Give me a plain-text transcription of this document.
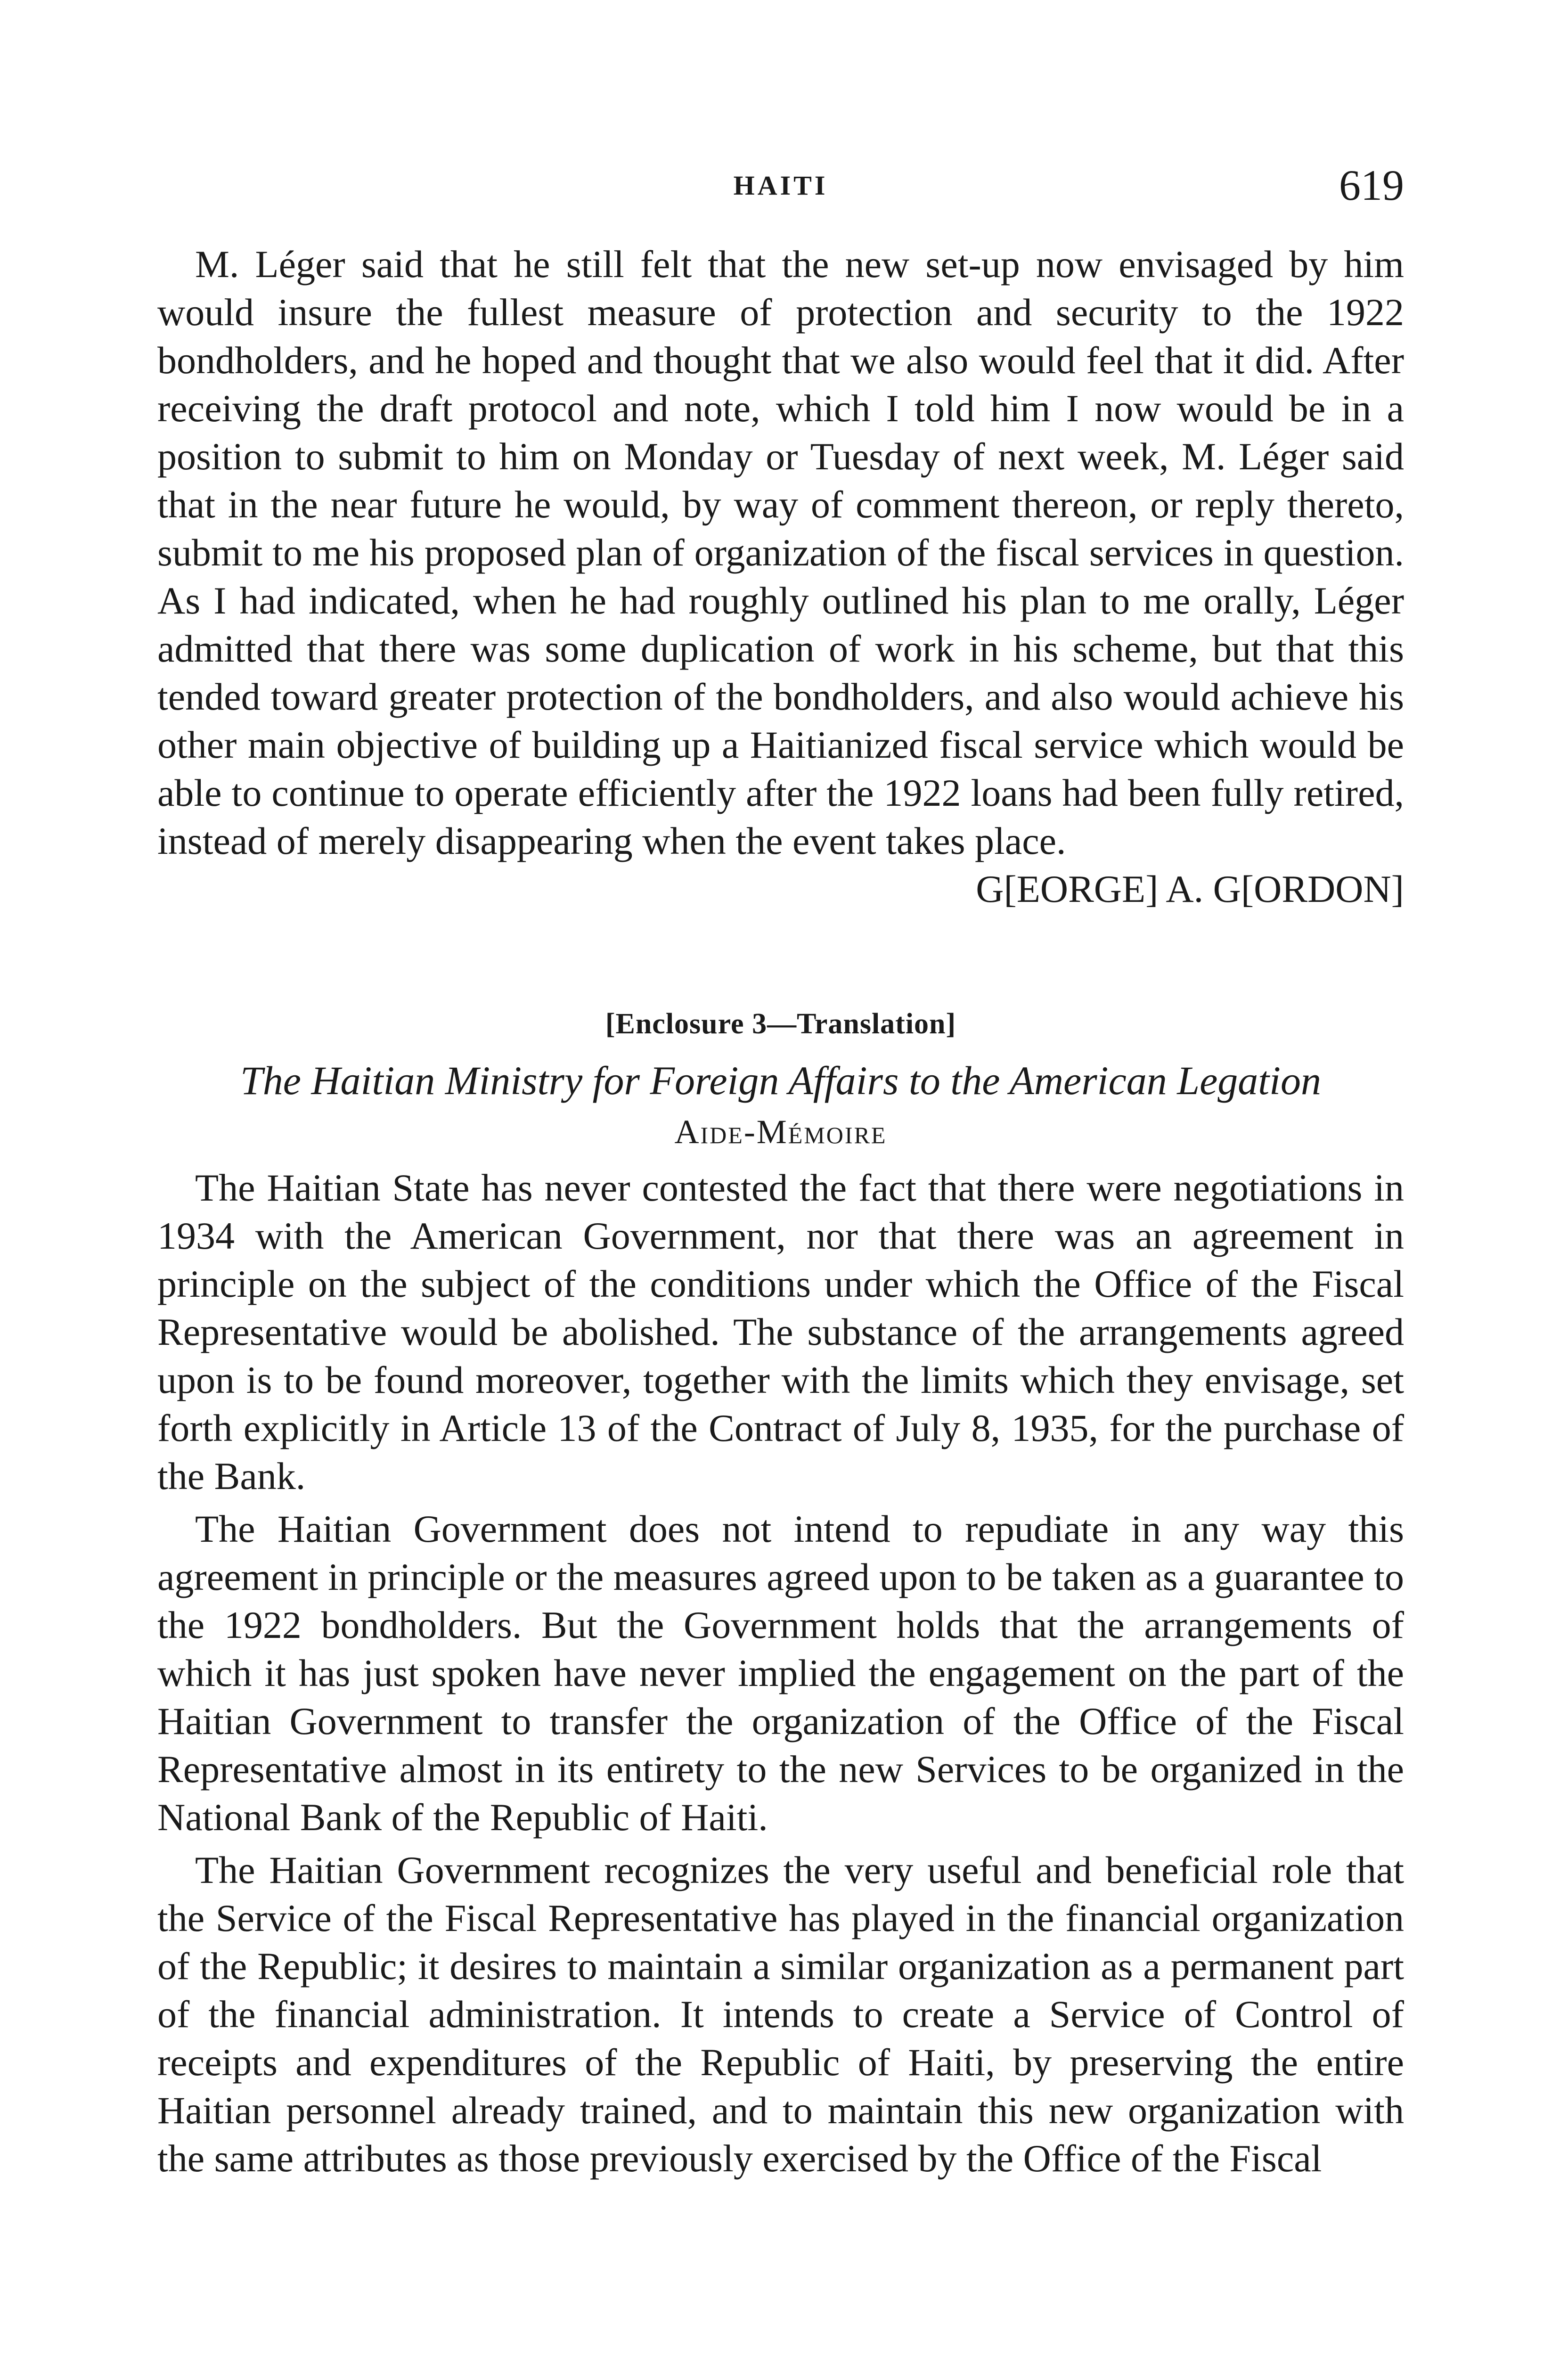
HAITI	619

M. Léger said that he still felt that the new set-up now envisaged by him would insure the fullest measure of protection and security to the 1922 bondholders, and he hoped and thought that we also would feel that it did. After receiving the draft protocol and note, which I told him I now would be in a position to submit to him on Monday or Tuesday of next week, M. Léger said that in the near future he would, by way of comment thereon, or reply thereto, submit to me his proposed plan of organization of the fiscal services in question. As I had indicated, when he had roughly outlined his plan to me orally, Léger admitted that there was some duplication of work in his scheme, but that this tended toward greater protection of the bondholders, and also would achieve his other main objective of building up a Haitianized fiscal service which would be able to continue to operate efficiently after the 1922 loans had been fully retired, instead of merely disappearing when the event takes place.

G[EORGE] A. G[ORDON]
[Enclosure 3—Translation]
The Haitian Ministry for Foreign Affairs to the American Legation
Aide-Mémoire

The Haitian State has never contested the fact that there were negotiations in 1934 with the American Government, nor that there was an agreement in principle on the subject of the conditions under which the Office of the Fiscal Representative would be abolished. The substance of the arrangements agreed upon is to be found moreover, together with the limits which they envisage, set forth explicitly in Article 13 of the Contract of July 8, 1935, for the purchase of the Bank.

The Haitian Government does not intend to repudiate in any way this agreement in principle or the measures agreed upon to be taken as a guarantee to the 1922 bondholders. But the Government holds that the arrangements of which it has just spoken have never implied the engagement on the part of the Haitian Government to transfer the organization of the Office of the Fiscal Representative almost in its entirety to the new Services to be organized in the National Bank of the Republic of Haiti.

The Haitian Government recognizes the very useful and beneficial role that the Service of the Fiscal Representative has played in the financial organization of the Republic; it desires to maintain a similar organization as a permanent part of the financial administration. It intends to create a Service of Control of receipts and expenditures of the Republic of Haiti, by preserving the entire Haitian personnel already trained, and to maintain this new organization with the same attributes as those previously exercised by the Office of the Fiscal
